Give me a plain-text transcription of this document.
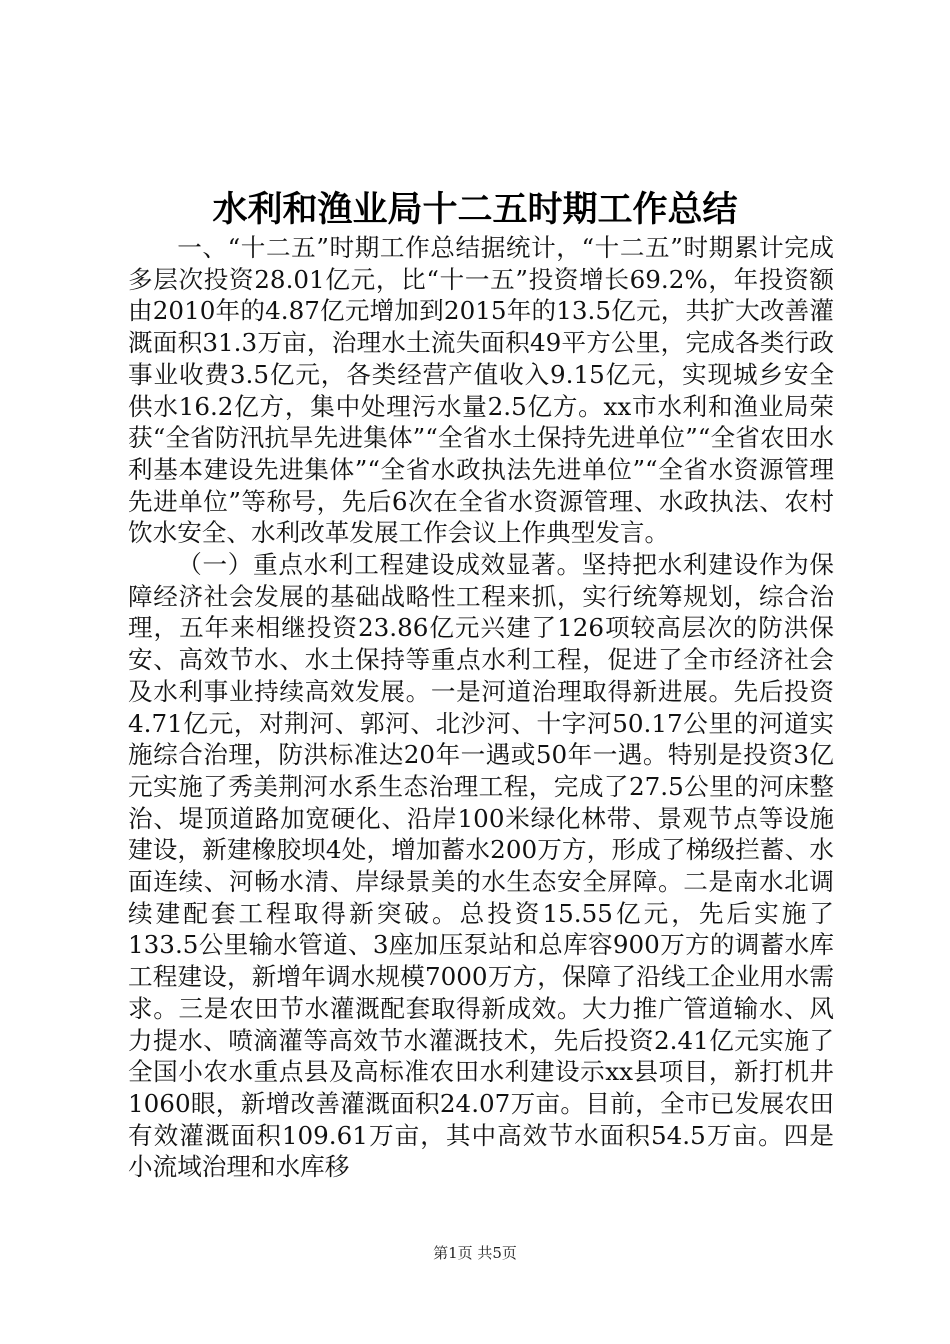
水利和渔业局十二五时期工作总结

一、“十二五”时期工作总结据统计，“十二五”时期累计完成多层次投资28.01亿元，比“十一五”投资增长69.2%，年投资额由2010年的4.87亿元增加到2015年的13.5亿元，共扩大改善灌溉面积31.3万亩，治理水土流失面积49平方公里，完成各类行政事业收费3.5亿元，各类经营产值收入9.15亿元，实现城乡安全供水16.2亿方，集中处理污水量2.5亿方。xx市水利和渔业局荣获“全省防汛抗旱先进集体”“全省水土保持先进单位”“全省农田水利基本建设先进集体”“全省水政执法先进单位”“全省水资源管理先进单位”等称号，先后6次在全省水资源管理、水政执法、农村饮水安全、水利改革发展工作会议上作典型发言。

（一）重点水利工程建设成效显著。坚持把水利建设作为保障经济社会发展的基础战略性工程来抓，实行统筹规划，综合治理，五年来相继投资23.86亿元兴建了126项较高层次的防洪保安、高效节水、水土保持等重点水利工程，促进了全市经济社会及水利事业持续高效发展。一是河道治理取得新进展。先后投资4.71亿元，对荆河、郭河、北沙河、十字河50.17公里的河道实施综合治理，防洪标准达20年一遇或50年一遇。特别是投资3亿元实施了秀美荆河水系生态治理工程，完成了27.5公里的河床整治、堤顶道路加宽硬化、沿岸100米绿化林带、景观节点等设施建设，新建橡胶坝4处，增加蓄水200万方，形成了梯级拦蓄、水面连续、河畅水清、岸绿景美的水生态安全屏障。二是南水北调续建配套工程取得新突破。总投资15.55亿元，先后实施了133.5公里输水管道、3座加压泵站和总库容900万方的调蓄水库工程建设，新增年调水规模7000万方，保障了沿线工企业用水需求。三是农田节水灌溉配套取得新成效。大力推广管道输水、风力提水、喷滴灌等高效节水灌溉技术，先后投资2.41亿元实施了全国小农水重点县及高标准农田水利建设示xx县项目，新打机井1060眼，新增改善灌溉面积24.07万亩。目前，全市已发展农田有效灌溉面积109.61万亩，其中高效节水面积54.5万亩。四是小流域治理和水库移

第1页 共5页
